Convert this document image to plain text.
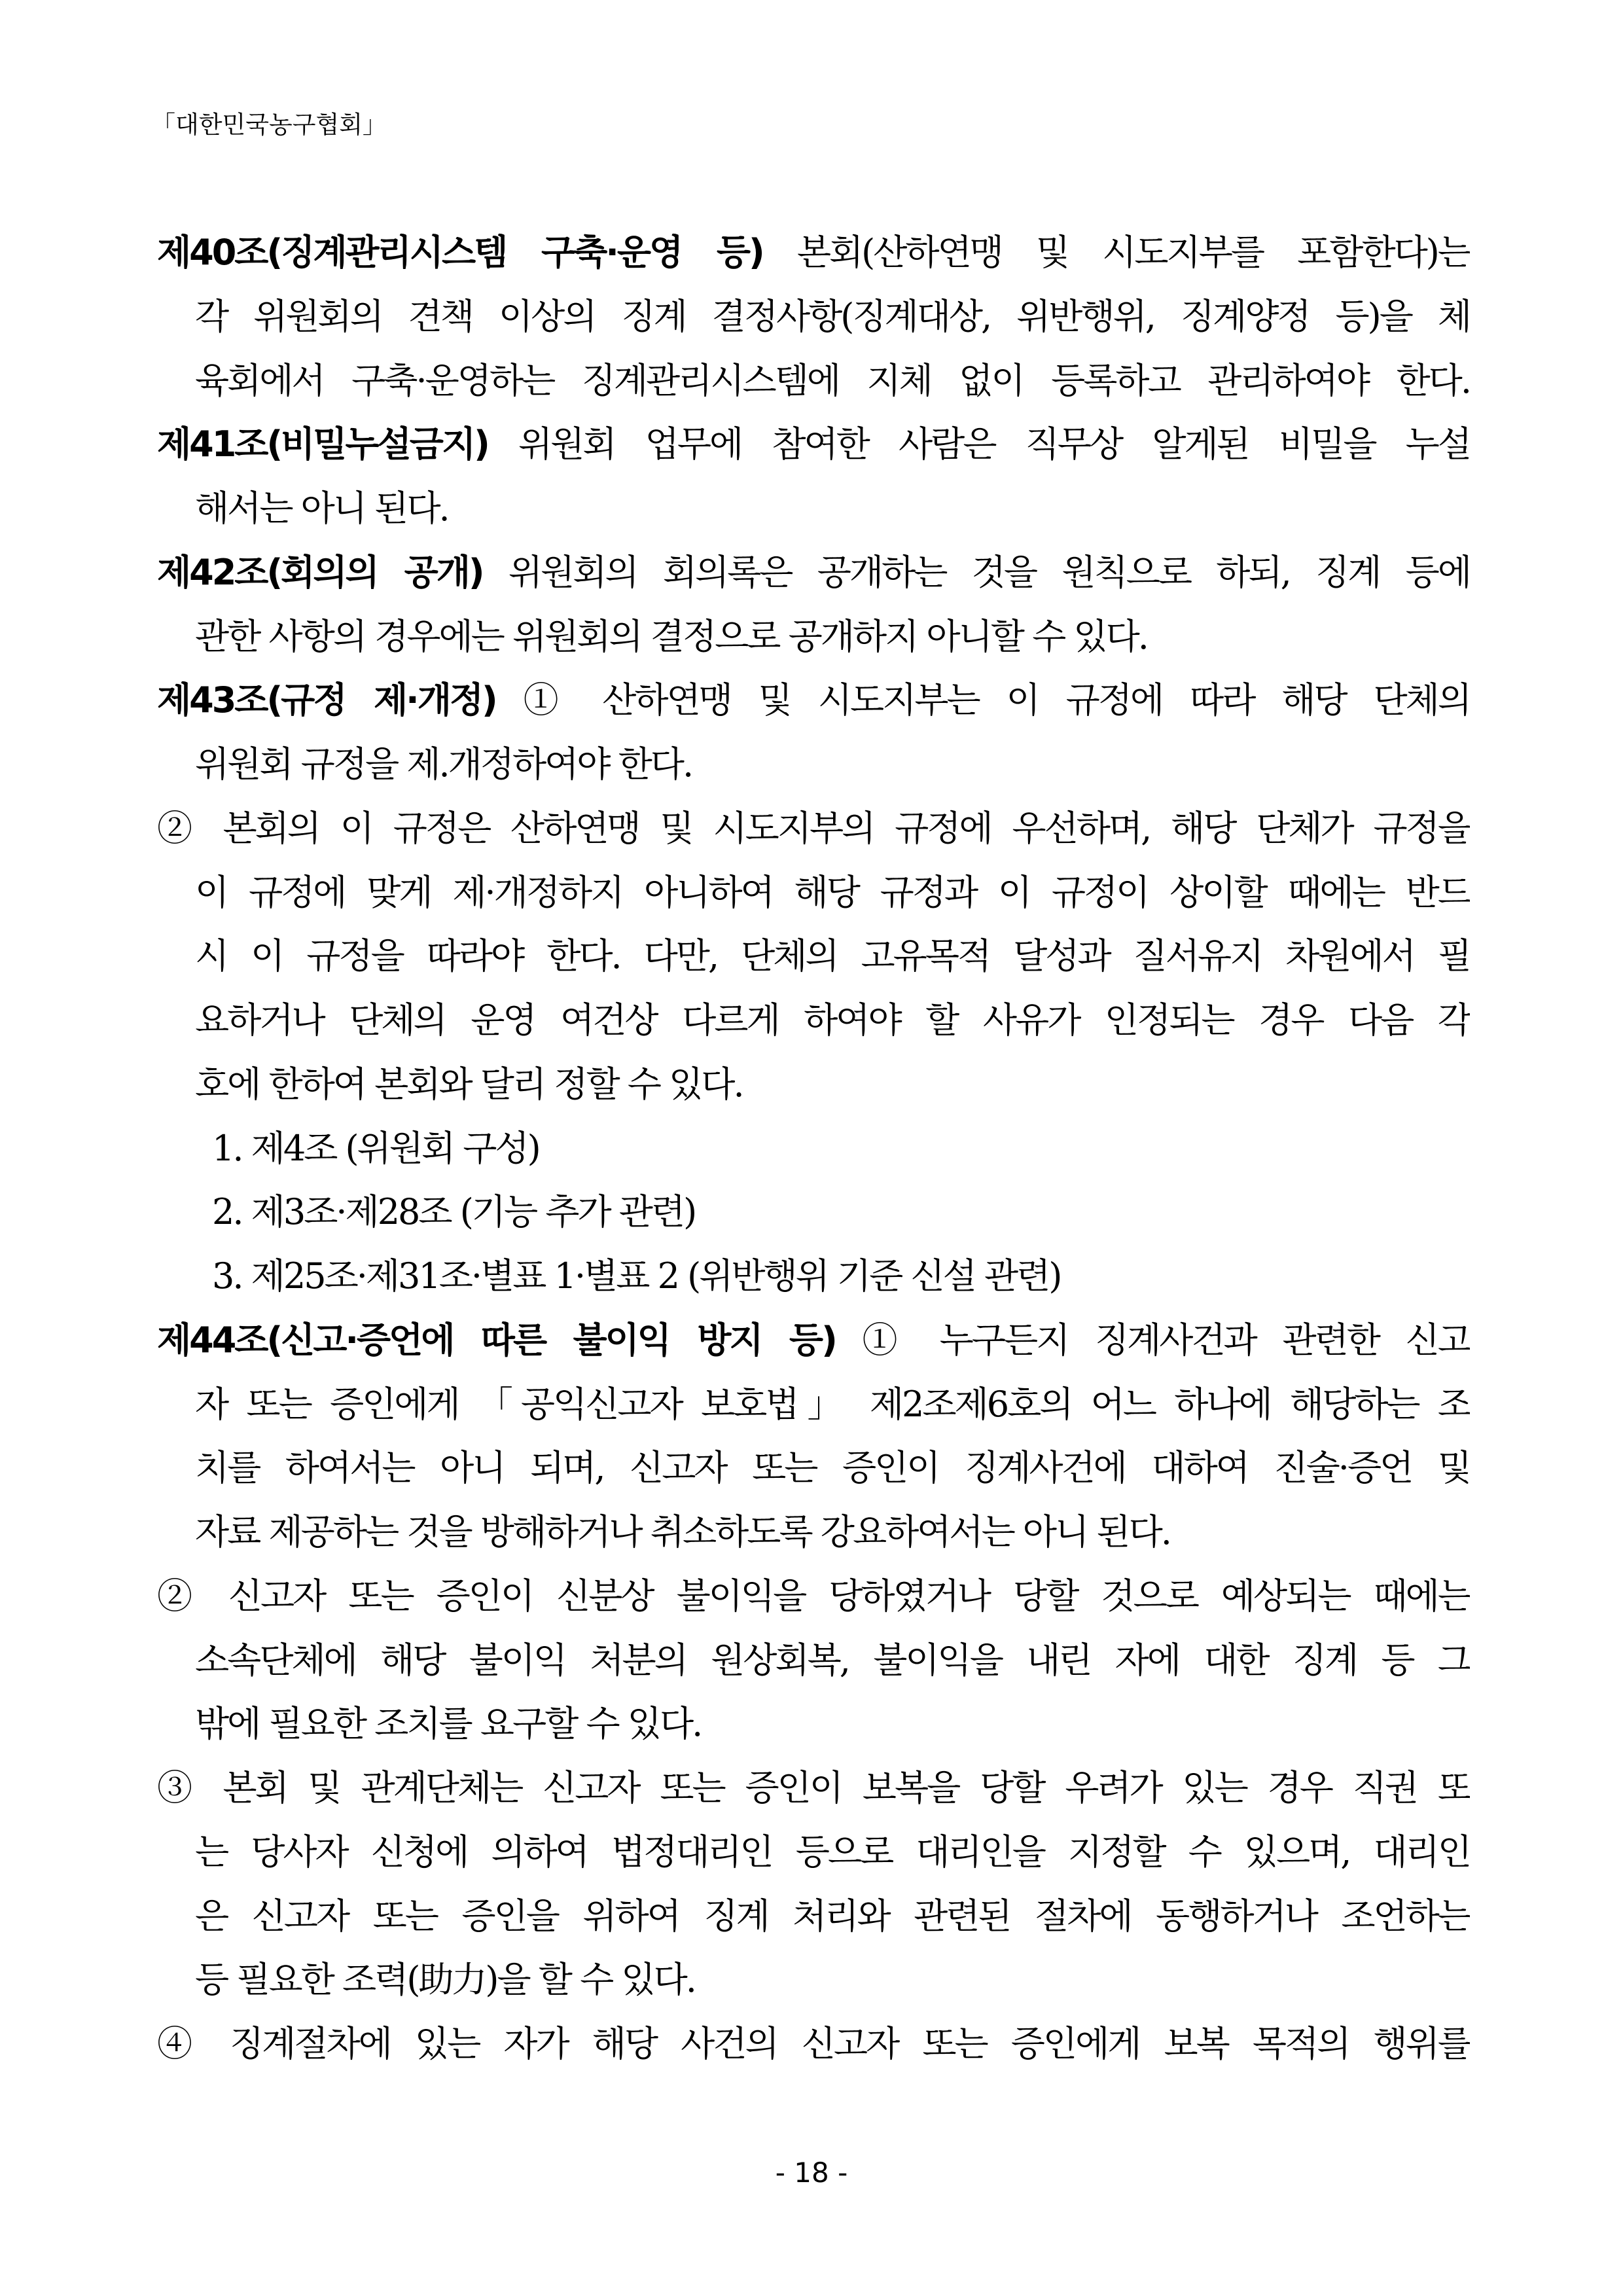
「대한민국농구협회」
제40조(징계관리시스템 구축·운영 등) 본회(산하연맹 및 시도지부를 포함한다)는
각 위원회의 견책 이상의 징계 결정사항(징계대상, 위반행위, 징계양정 등)을 체
육회에서 구축·운영하는 징계관리시스템에 지체 없이 등록하고 관리하여야 한다.
제41조(비밀누설금지) 위원회 업무에 참여한 사람은 직무상 알게된 비밀을 누설
해서는 아니 된다.
제42조(회의의 공개) 위원회의 회의록은 공개하는 것을 원칙으로 하되, 징계 등에
관한 사항의 경우에는 위원회의 결정으로 공개하지 아니할 수 있다.
제43조(규정 제·개정) ① 산하연맹 및 시도지부는 이 규정에 따라 해당 단체의
위원회 규정을 제.개정하여야 한다.
② 본회의 이 규정은 산하연맹 및 시도지부의 규정에 우선하며, 해당 단체가 규정을
이 규정에 맞게 제·개정하지 아니하여 해당 규정과 이 규정이 상이할 때에는 반드
시 이 규정을 따라야 한다. 다만, 단체의 고유목적 달성과 질서유지 차원에서 필
요하거나 단체의 운영 여건상 다르게 하여야 할 사유가 인정되는 경우 다음 각
호에 한하여 본회와 달리 정할 수 있다.
1. 제4조 (위원회 구성)
2. 제3조·제28조 (기능 추가 관련)
3. 제25조·제31조·별표 1·별표 2 (위반행위 기준 신설 관련)
제44조(신고·증언에 따른 불이익 방지 등) ① 누구든지 징계사건과 관련한 신고
자 또는 증인에게 「공익신고자 보호법」 제2조제6호의 어느 하나에 해당하는 조
치를 하여서는 아니 되며, 신고자 또는 증인이 징계사건에 대하여 진술·증언 및
자료 제공하는 것을 방해하거나 취소하도록 강요하여서는 아니 된다.
② 신고자 또는 증인이 신분상 불이익을 당하였거나 당할 것으로 예상되는 때에는
소속단체에 해당 불이익 처분의 원상회복, 불이익을 내린 자에 대한 징계 등 그
밖에 필요한 조치를 요구할 수 있다.
③ 본회 및 관계단체는 신고자 또는 증인이 보복을 당할 우려가 있는 경우 직권 또
는 당사자 신청에 의하여 법정대리인 등으로 대리인을 지정할 수 있으며, 대리인
은 신고자 또는 증인을 위하여 징계 처리와 관련된 절차에 동행하거나 조언하는
등 필요한 조력(助力)을 할 수 있다.
④ 징계절차에 있는 자가 해당 사건의 신고자 또는 증인에게 보복 목적의 행위를
- 18 -
